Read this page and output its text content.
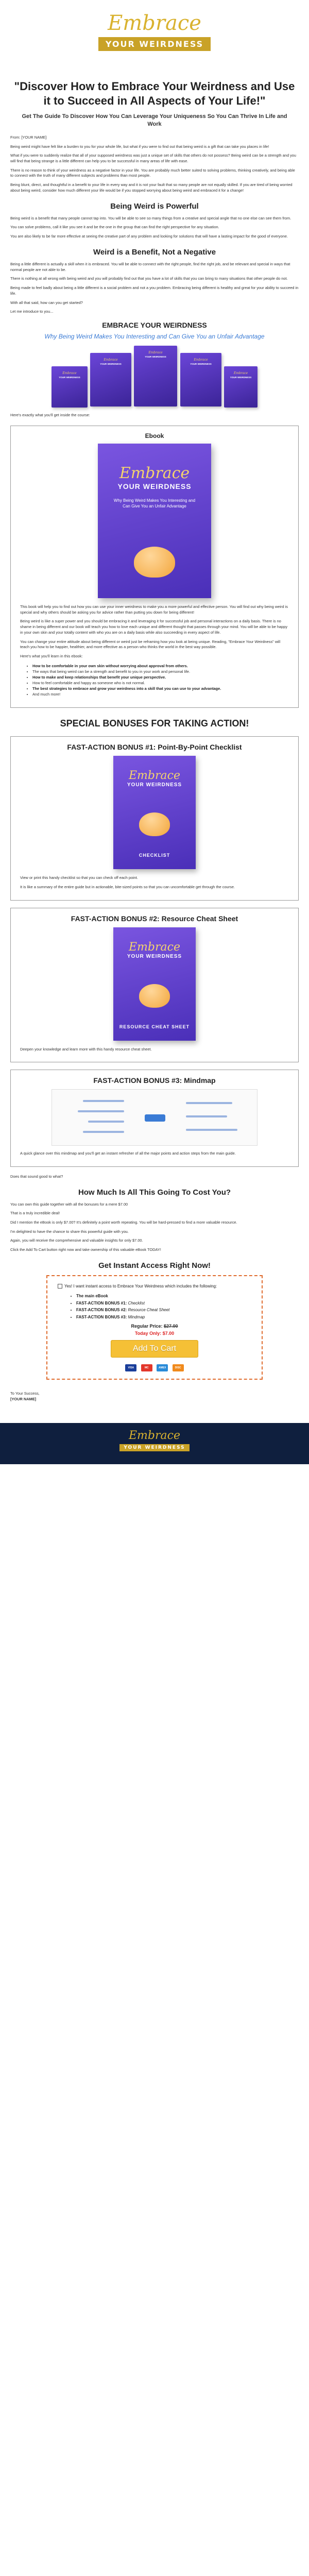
Embrace
YOUR WEIRDNESS
"Discover How to Embrace Your Weirdness and Use it to Succeed in All Aspects of Your Life!"
Get The Guide To Discover How You Can Leverage Your Uniqueness So You Can Thrive In Life and Work

From: [YOUR NAME]

Being weird might have felt like a burden to you for your whole life, but what if you were to find out that being weird is a gift that can take you places in life!

What if you were to suddenly realize that all of your supposed weirdness was just a unique set of skills that others do not possess? Being weird can be a strength and you will find that being strange is a little different can help you to be successful in many areas of life with ease.

There is no reason to think of your weirdness as a negative factor in your life. You are probably much better suited to solving problems, thinking creatively, and being able to connect with the truth of many different subjects and problems than most people.

Being blunt, direct, and thoughtful in a benefit to your life in every way and it is not your fault that so many people are not equally skilled. If you are tired of being worried about being weird, consider how much different your life would be if you stopped worrying about being weird and embraced it for a change!

Being Weird is Powerful

Being weird is a benefit that many people cannot tap into. You will be able to see so many things from a creative and special angle that no one else can see them from.

You can solve problems, call it like you see it and be the one in the group that can find the right perspective for any situation.

You are also likely to be far more effective at seeing the creative part of any problem and looking for solutions that will have a lasting impact for the good of everyone.

Weird is a Benefit, Not a Negative

Being a little different is actually a skill when it is embraced. You will be able to connect with the right people, find the right job, and be relevant and special in ways that normal people are not able to be.

There is nothing at all wrong with being weird and you will probably find out that you have a lot of skills that you can bring to many situations that other people do not.

Being made to feel badly about being a little different is a social problem and not a you problem. Embracing being different is healthy and great for your ability to succeed in life.

With all that said, how can you get started?

Let me introduce to you...

EMBRACE YOUR WEIRDNESS
Why Being Weird Makes You Interesting and Can Give You an Unfair Advantage
Embrace
YOUR WEIRDNESS
Embrace
YOUR WEIRDNESS
Embrace
YOUR WEIRDNESS
Embrace
YOUR WEIRDNESS
Embrace
YOUR WEIRDNESS

Here's exactly what you'll get inside the course:

Ebook
Embrace
YOUR WEIRDNESS
Why Being Weird Makes You Interesting and Can Give You an Unfair Advantage

This book will help you to find out how you can use your inner weirdness to make you a more powerful and effective person. You will find out why being weird is special and why others should be asking you for advice rather than putting you down for being different!

Being weird is like a super power and you should be embracing it and leveraging it for successful job and personal interactions on a daily basis. There is no shame in being different and our book will teach you how to love each unique and different thought that passes through your mind. You will be able to be happy in your own skin and your totally content with who you are on a daily basis while also succeeding in every aspect of life.

You can change your entire attitude about being different or weird just be reframing how you look at being unique. Reading, "Embrace Your Weirdness" will teach you how to be happier, healthier, and more effective as a person who thinks the world in the best way possible.

Here's what you'll learn in this ebook:

• How to be comfortable in your own skin without worrying about approval from others.
• The ways that being weird can be a strength and benefit to you in your work and personal life.
• How to make and keep relationships that benefit your unique perspective.
• How to feel comfortable and happy as someone who is not normal.
• The best strategies to embrace and grow your weirdness into a skill that you can use to your advantage.
• And much more!
SPECIAL BONUSES FOR TAKING ACTION!
FAST-ACTION BONUS #1: Point-By-Point Checklist
Embrace
YOUR WEIRDNESS
CHECKLIST

View or print this handy checklist so that you can check off each point.

It is like a summary of the entire guide but in actionable, bite-sized points so that you can uncomfortable get through the course.

FAST-ACTION BONUS #2: Resource Cheat Sheet
Embrace
YOUR WEIRDNESS
RESOURCE CHEAT SHEET

Deepen your knowledge and learn more with this handy resource cheat sheet.

FAST-ACTION BONUS #3: Mindmap

A quick glance over this mindmap and you'll get an instant refresher of all the major points and action steps from the main guide.

Does that sound good to what?

How Much Is All This Going To Cost You?

You can own this guide together with all the bonuses for a mere $7.00

That is a truly incredible deal!

Did I mention the eBook is only $7.00? It's definitely a point worth repeating. You will be hard-pressed to find a more valuable resource.

I'm delighted to have the chance to share this powerful guide with you.

Again, you will receive the comprehensive and valuable insights for only $7.00.

Click the Add To Cart button right now and take ownership of this valuable eBook TODAY!

Get Instant Access Right Now!
Yes! I want instant access to Embrace Your Weirdness which includes the following:
• The main eBook
• FAST-ACTION BONUS #1: Checklist
• FAST-ACTION BONUS #2: Resource Cheat Sheet
• FAST-ACTION BONUS #3: Mindmap
Regular Price: $27.00
Today Only: $7.00
Add To Cart
VISA	MC	AMEX	DISC

To Your Success,

[YOUR NAME]

Embrace
YOUR WEIRDNESS
